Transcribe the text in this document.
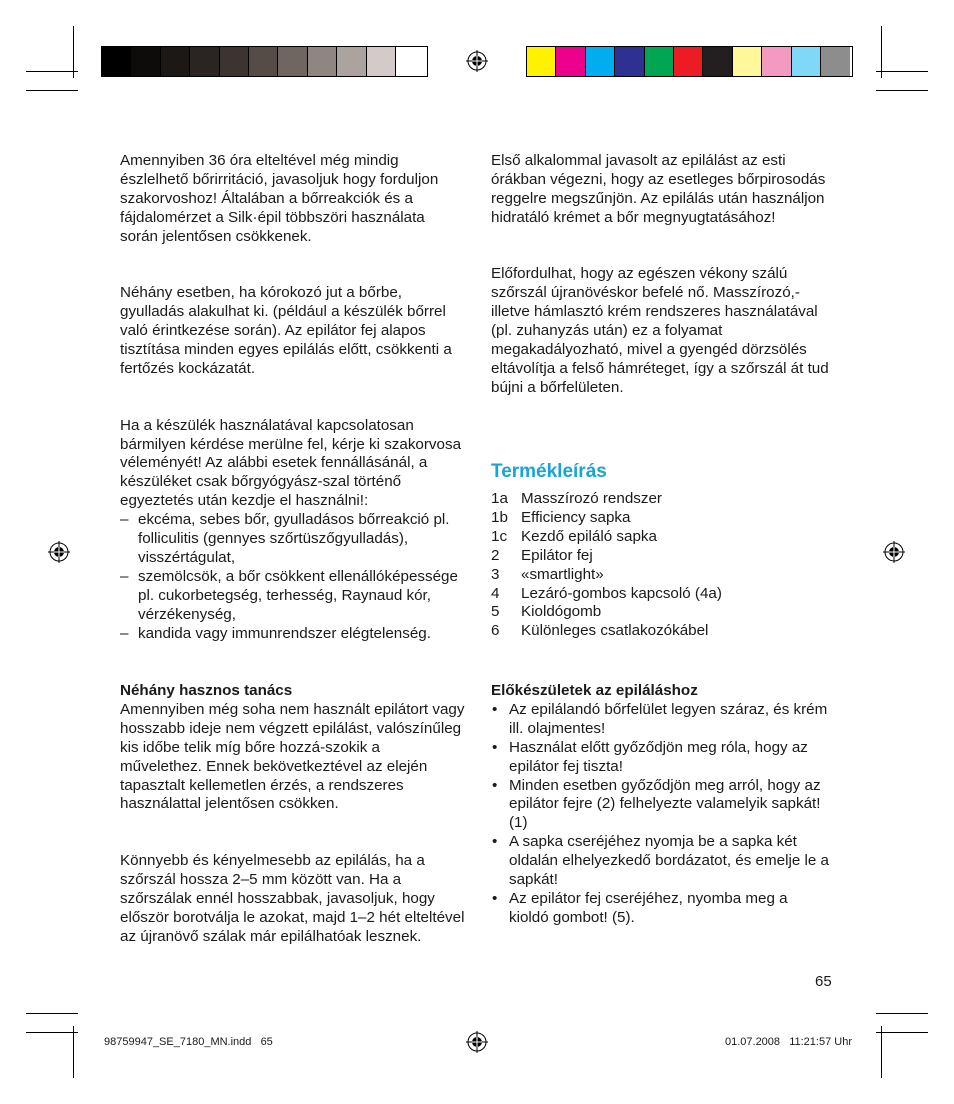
Amennyiben 36 óra elteltével még mindig észlelhető bőrirritáció, javasoljuk hogy forduljon szakorvoshoz! Általában a bőrreakciók és a fájdalomérzet a Silk·épil többszöri használata során jelentősen csökkenek.

Néhány esetben, ha kórokozó jut a bőrbe, gyulladás alakulhat ki. (például a készülék bőrrel való érintkezése során). Az epilátor fej alapos tisztítása minden egyes epilálás előtt, csökkenti a fertőzés kockázatát.

Ha a készülék használatával kapcsolatosan bármilyen kérdése merülne fel, kérje ki szakorvosa véleményét! Az alábbi esetek fennállásánál, a készüléket csak bőrgyógyász-szal történő egyeztetés után kezdje el használni!:

– ekcéma, sebes bőr, gyulladásos bőrreakció pl. folliculitis (gennyes szőrtüszőgyulladás), visszértágulat,
– szemölcsök, a bőr csökkent ellenállóképessége pl. cukorbetegség, terhesség, Raynaud kór, vérzékenység,
– kandida vagy immunrendszer elégtelenség.

Néhány hasznos tanács

Amennyiben még soha nem használt epilátort vagy hosszabb ideje nem végzett epilálást, valószínűleg kis időbe telik míg bőre hozzá-szokik a művelethez. Ennek bekövetkeztével az elején tapasztalt kellemetlen érzés, a rendszeres használattal jelentősen csökken.

Könnyebb és kényelmesebb az epilálás, ha a szőrszál hossza 2–5 mm között van. Ha a szőrszálak ennél hosszabbak, javasoljuk, hogy először borotválja le azokat, majd 1–2 hét elteltével az újranövő szálak már epilálhatóak lesznek.

Első alkalommal javasolt az epilálást az esti órákban végezni, hogy az esetleges bőrpirosodás reggelre megszűnjön. Az epilálás után használjon hidratáló krémet a bőr megnyugtatásához!

Előfordulhat, hogy az egészen vékony szálú szőrszál újranövéskor befelé nő. Masszírozó,- illetve hámlasztó krém rendszeres használatával (pl. zuhanyzás után) ez a folyamat megakadályozható, mivel a gyengéd dörzsölés eltávolítja a felső hámréteget, így a szőrszál át tud bújni a bőrfelületen.

Termékleírás

1a Masszírozó rendszer
1b Efficiency sapka
1c Kezdő epiláló sapka
2	Epilátor fej
3	«smartlight»
4	Lezáró-gombos kapcsoló (4a)
5	Kioldógomb
6	Különleges csatlakozókábel

Előkészületek az epiláláshoz

• Az epilálandó bőrfelület legyen száraz, és krém ill. olajmentes!
• Használat előtt győződjön meg róla, hogy az epilátor fej tiszta!
• Minden esetben győződjön meg arról, hogy az epilátor fejre (2) felhelyezte valamelyik sapkát! (1)
• A sapka cseréjéhez nyomja be a sapka két oldalán elhelyezkedő bordázatot, és emelje le a sapkát!
• Az epilátor fej cseréjéhez, nyomba meg a kioldó gombot! (5).
65
98759947_SE_7180_MN.indd   65	01.07.2008   11:21:57 Uhr
